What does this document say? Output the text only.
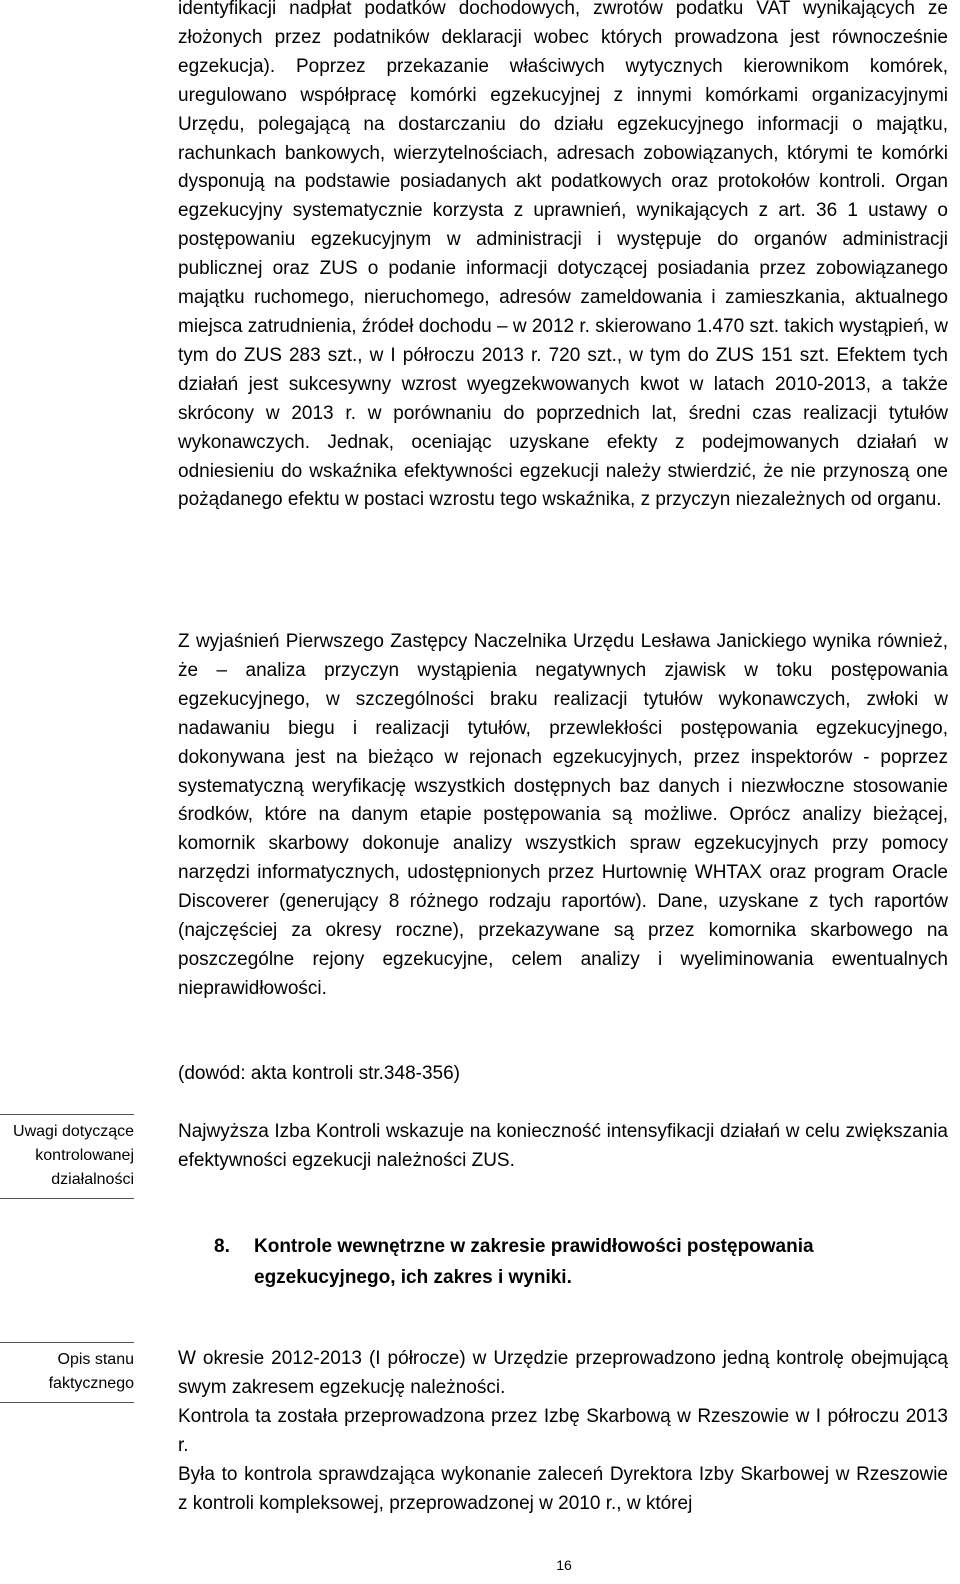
identyfikacji nadpłat podatków dochodowych, zwrotów podatku VAT wynikających ze złożonych przez podatników deklaracji wobec których prowadzona jest równocześnie egzekucja). Poprzez przekazanie właściwych wytycznych kierownikom komórek, uregulowano współpracę komórki egzekucyjnej z innymi komórkami organizacyjnymi Urzędu, polegającą na dostarczaniu do działu egzekucyjnego informacji o majątku, rachunkach bankowych, wierzytelnościach, adresach zobowiązanych, którymi te komórki dysponują na podstawie posiadanych akt podatkowych oraz protokołów kontroli. Organ egzekucyjny systematycznie korzysta z uprawnień, wynikających z art. 36 1 ustawy o postępowaniu egzekucyjnym w administracji i występuje do organów administracji publicznej oraz ZUS o podanie informacji dotyczącej posiadania przez zobowiązanego majątku ruchomego, nieruchomego, adresów zameldowania i zamieszkania, aktualnego miejsca zatrudnienia, źródeł dochodu – w 2012 r. skierowano 1.470 szt. takich wystąpień, w tym do ZUS 283 szt., w I półroczu 2013 r. 720 szt., w tym do ZUS 151 szt. Efektem tych działań jest sukcesywny wzrost wyegzekwowanych kwot w latach 2010-2013, a także skrócony w 2013 r. w porównaniu do poprzednich lat, średni czas realizacji tytułów wykonawczych. Jednak, oceniając uzyskane efekty z podejmowanych działań w odniesieniu do wskaźnika efektywności egzekucji należy stwierdzić, że nie przynoszą one pożądanego efektu w postaci wzrostu tego wskaźnika, z przyczyn niezależnych od organu.

Z wyjaśnień Pierwszego Zastępcy Naczelnika Urzędu Lesława Janickiego wynika również, że – analiza przyczyn wystąpienia negatywnych zjawisk w toku postępowania egzekucyjnego, w szczególności braku realizacji tytułów wykonawczych, zwłoki w nadawaniu biegu i realizacji tytułów, przewlekłości postępowania egzekucyjnego, dokonywana jest na bieżąco w rejonach egzekucyjnych, przez inspektorów - poprzez systematyczną weryfikację wszystkich dostępnych baz danych i niezwłoczne stosowanie środków, które na danym etapie postępowania są możliwe. Oprócz analizy bieżącej, komornik skarbowy dokonuje analizy wszystkich spraw egzekucyjnych przy pomocy narzędzi informatycznych, udostępnionych przez Hurtownię WHTAX oraz program Oracle Discoverer (generujący 8 różnego rodzaju raportów). Dane, uzyskane z tych raportów (najczęściej za okresy roczne), przekazywane są przez komornika skarbowego na poszczególne rejony egzekucyjne, celem analizy i wyeliminowania ewentualnych nieprawidłowości.

(dowód: akta kontroli str.348-356)

Uwagi dotyczące kontrolowanej działalności

Najwyższa Izba Kontroli wskazuje na konieczność intensyfikacji działań w celu zwiększania efektywności egzekucji należności ZUS.

8. Kontrole wewnętrzne w zakresie prawidłowości postępowania
egzekucyjnego, ich zakres i wyniki.
Opis stanu faktycznego

W okresie 2012-2013 (I półrocze) w Urzędzie przeprowadzono jedną kontrolę obejmującą swym zakresem egzekucję należności.

Kontrola ta została przeprowadzona przez Izbę Skarbową w Rzeszowie w I półroczu 2013 r.

Była to kontrola sprawdzająca wykonanie zaleceń Dyrektora Izby Skarbowej w Rzeszowie z kontroli kompleksowej, przeprowadzonej w 2010 r., w której

16
